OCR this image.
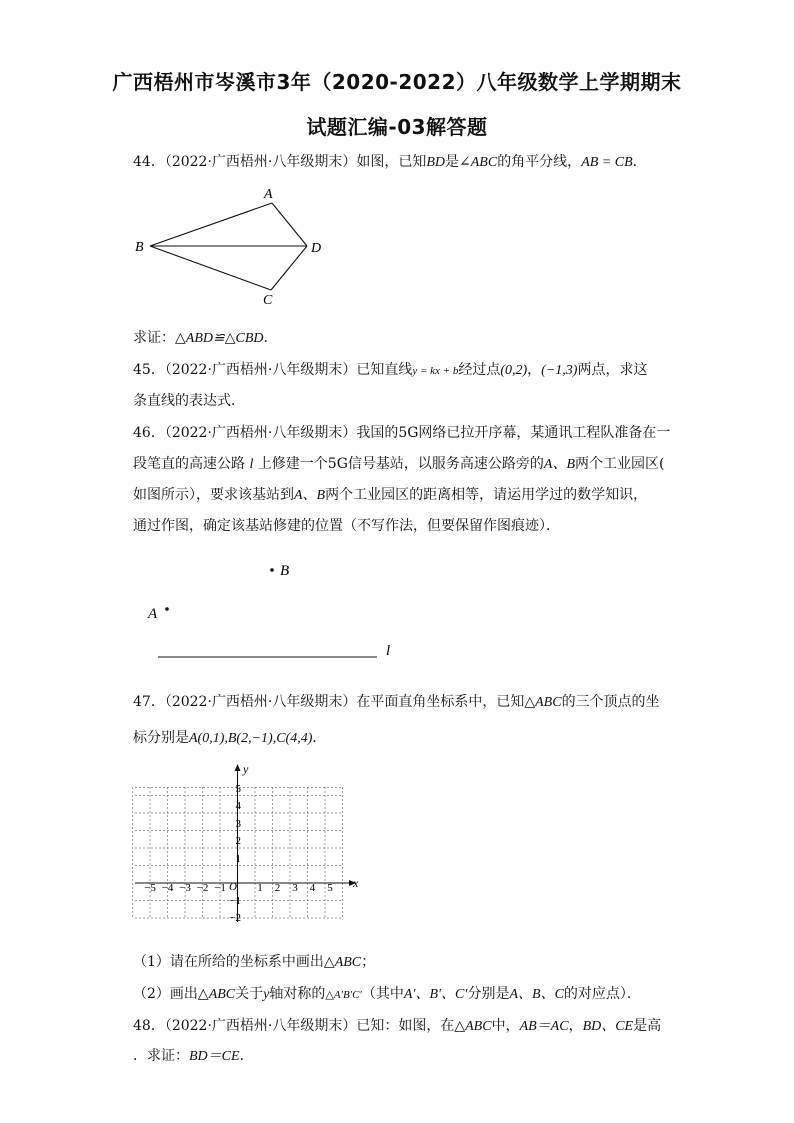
广西梧州市岑溪市3年（2020-2022）八年级数学上学期期末
试题汇编-03解答题
44．（2022·广西梧州·八年级期末）如图，已知BD是∠ABC的角平分线，AB = CB．
A
B	D
C
求证：△ABD≌△CBD．
45．（2022·广西梧州·八年级期末）已知直线y = kx + b经过点(0,2)，(−1,3)两点，求这
条直线的表达式．
46．（2022·广西梧州·八年级期末）我国的5G网络已拉开序幕，某通讯工程队准备在一
段笔直的高速公路 l 上修建一个5G信号基站，以服务高速公路旁的A、B两个工业园区(
如图所示），要求该基站到A、B两个工业园区的距离相等，请运用学过的数学知识，
通过作图，确定该基站修建的位置（不写作法，但要保留作图痕迹）．
B
A
l
47．（2022·广西梧州·八年级期末）在平面直角坐标系中，已知△ABC的三个顶点的坐
标分别是A(0,1),B(2,−1),C(4,4)．
x
y
O
−5 −4 −3 −2 −1	1 2 3 4 5
5
4
3
2
1
−1
−2
（1）请在所给的坐标系中画出△ABC；
（2）画出△ABC关于y轴对称的△A′B′C′（其中A′、B′、C′分别是A、B、C的对应点）．
48．（2022·广西梧州·八年级期末）已知：如图，在△ABC中，AB＝AC，BD、CE是高
．求证：BD＝CE．
